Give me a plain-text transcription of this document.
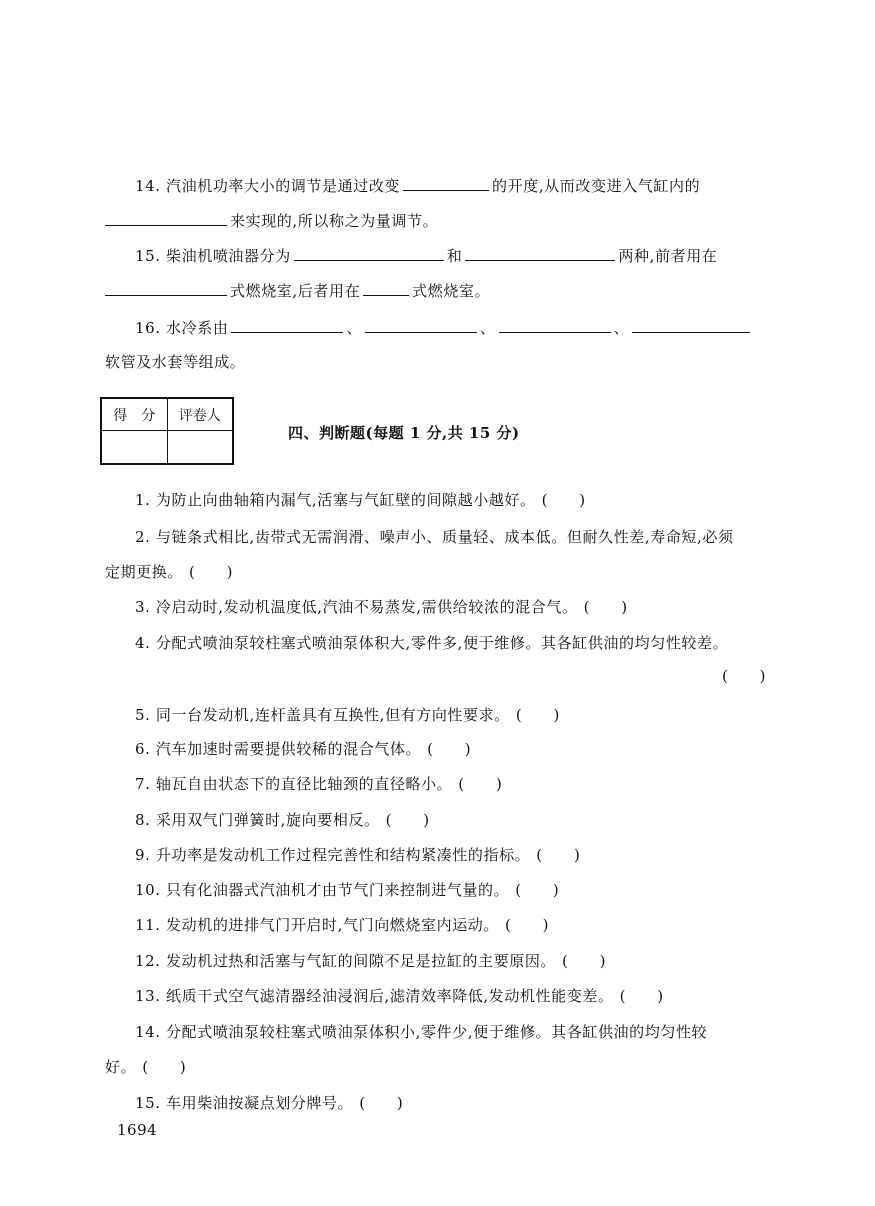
14. 汽油机功率大小的调节是通过改变	的开度,从而改变进入气缸内的
来实现的,所以称之为量调节。
15. 柴油机喷油器分为	和	两种,前者用在
式燃烧室,后者用在	式燃烧室。
16. 水冷系由	、	、	、
软管及水套等组成。
得　分	评卷人

四、判断题(每题 1 分,共 15 分)
1. 为防止向曲轴箱内漏气,活塞与气缸壁的间隙越小越好。 (　　)
2. 与链条式相比,齿带式无需润滑、噪声小、质量轻、成本低。但耐久性差,寿命短,必须
定期更换。 (　　)
3. 冷启动时,发动机温度低,汽油不易蒸发,需供给较浓的混合气。 (　　)
4. 分配式喷油泵较柱塞式喷油泵体积大,零件多,便于维修。其各缸供油的均匀性较差。
(　　)
5. 同一台发动机,连杆盖具有互换性,但有方向性要求。 (　　)
6. 汽车加速时需要提供较稀的混合气体。 (　　)
7. 轴瓦自由状态下的直径比轴颈的直径略小。 (　　)
8. 采用双气门弹簧时,旋向要相反。 (　　)
9. 升功率是发动机工作过程完善性和结构紧凑性的指标。 (　　)
10. 只有化油器式汽油机才由节气门来控制进气量的。 (　　)
11. 发动机的进排气门开启时,气门向燃烧室内运动。 (　　)
12. 发动机过热和活塞与气缸的间隙不足是拉缸的主要原因。 (　　)
13. 纸质干式空气滤清器经油浸润后,滤清效率降低,发动机性能变差。 (　　)
14. 分配式喷油泵较柱塞式喷油泵体积小,零件少,便于维修。其各缸供油的均匀性较
好。 (　　)
15. 车用柴油按凝点划分牌号。 (　　)
1694
